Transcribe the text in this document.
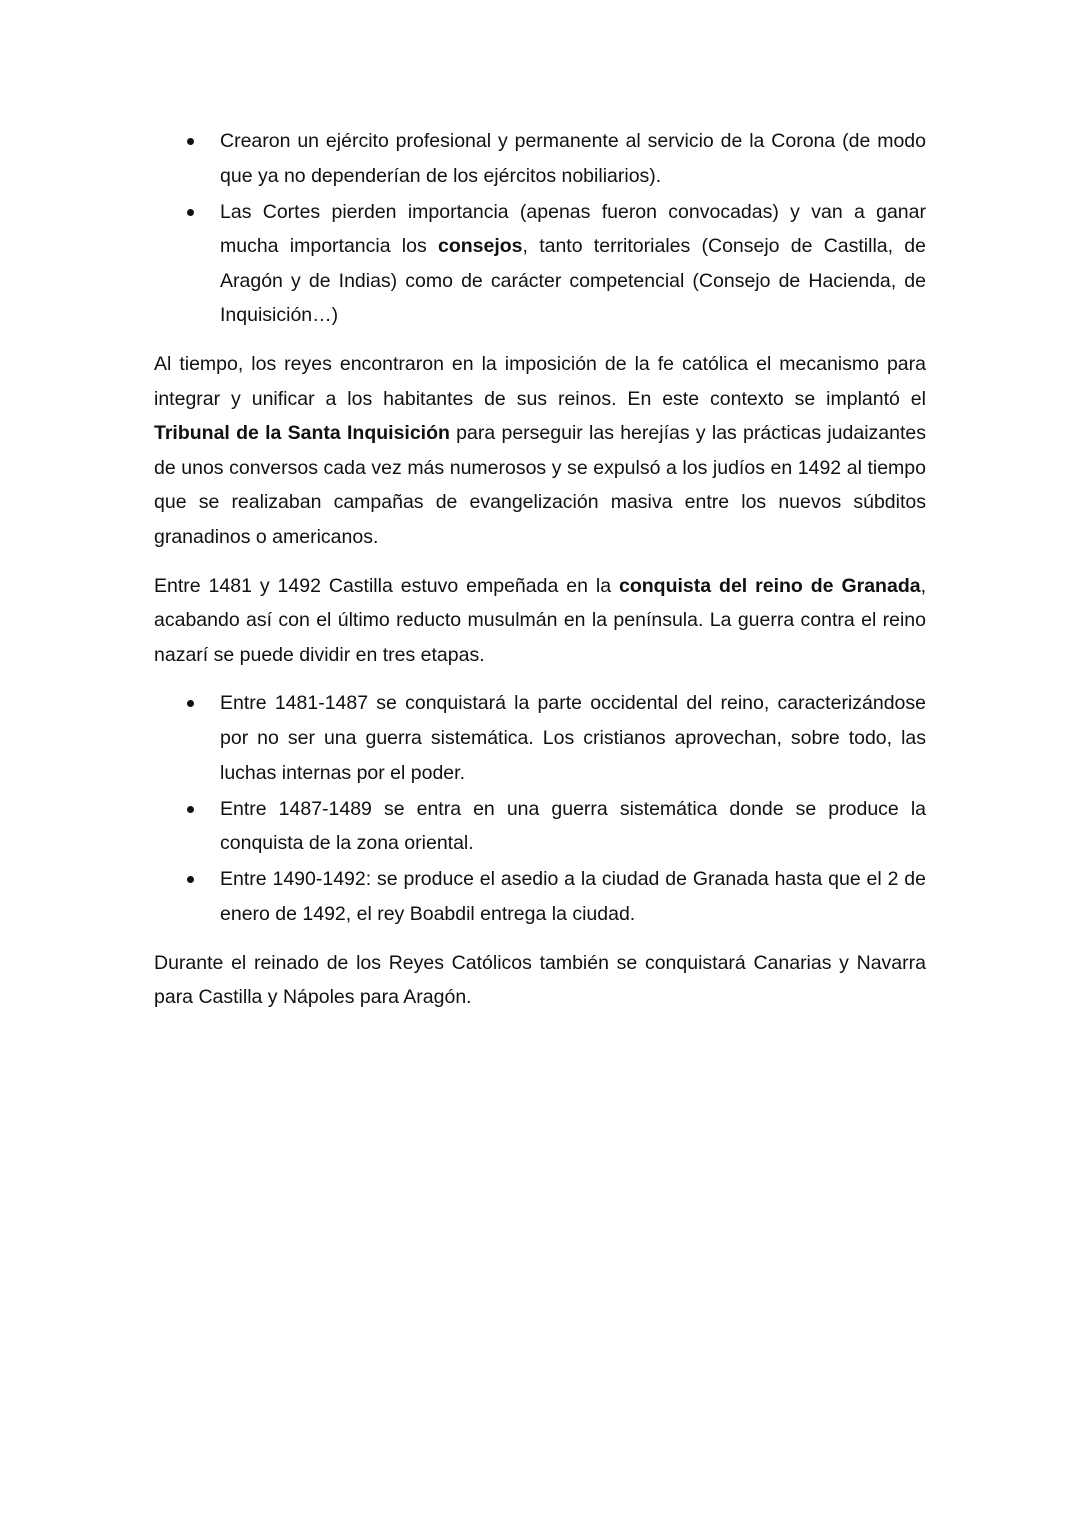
Crearon un ejército profesional y permanente al servicio de la Corona (de modo que ya no dependerían de los ejércitos nobiliarios).
Las Cortes pierden importancia (apenas fueron convocadas) y van a ganar mucha importancia los consejos, tanto territoriales (Consejo de Castilla, de Aragón y de Indias) como de carácter competencial (Consejo de Hacienda, de Inquisición…)

Al tiempo, los reyes encontraron en la imposición de la fe católica el mecanismo para integrar y unificar a los habitantes de sus reinos. En este contexto se implantó el Tribunal de la Santa Inquisición para perseguir las herejías y las prácticas judaizantes de unos conversos cada vez más numerosos y se expulsó a los judíos en 1492 al tiempo que se realizaban campañas de evangelización masiva entre los nuevos súbditos granadinos o americanos.

Entre 1481 y 1492 Castilla estuvo empeñada en la conquista del reino de Granada, acabando así con el último reducto musulmán en la península. La guerra contra el reino nazarí se puede dividir en tres etapas.

Entre 1481-1487 se conquistará la parte occidental del reino, caracterizándose por no ser una guerra sistemática. Los cristianos aprovechan, sobre todo, las luchas internas por el poder.
Entre 1487-1489 se entra en una guerra sistemática donde se produce la conquista de la zona oriental.
Entre 1490-1492: se produce el asedio a la ciudad de Granada hasta que el 2 de enero de 1492, el rey Boabdil entrega la ciudad.

Durante el reinado de los Reyes Católicos también se conquistará Canarias y Navarra para Castilla y Nápoles para Aragón.
